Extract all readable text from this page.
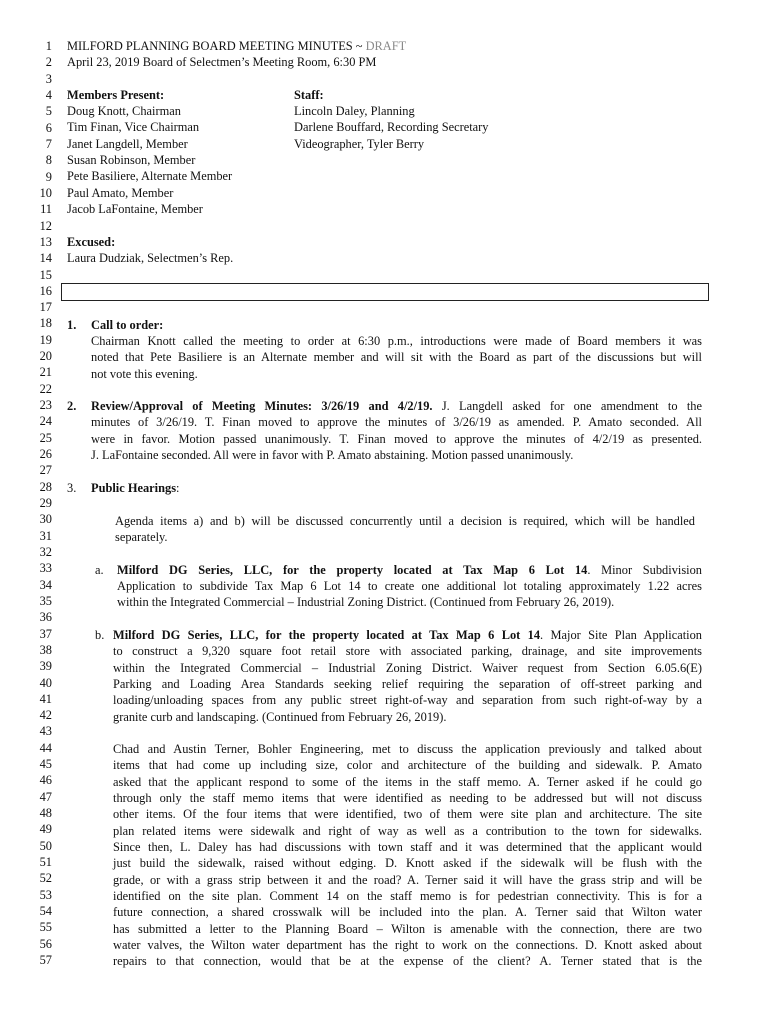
1
2
3
4
5
6
7
8
9
10
11
12
13
14
15
16
17
18
19
20
21
22
23
24
25
26
27
28
29
30
31
32
33
34
35
36
37
38
39
40
41
42
43
44
45
46
47
48
49
50
51
52
53
54
55
56
57
MILFORD PLANNING BOARD MEETING MINUTES ~ DRAFT
April 23, 2019 Board of Selectmen’s Meeting Room, 6:30 PM
Members Present:
Doug Knott, Chairman
Tim Finan, Vice Chairman
Janet Langdell, Member
Susan Robinson, Member
Pete Basiliere, Alternate Member
Paul Amato, Member
Jacob LaFontaine, Member
Staff:
Lincoln Daley, Planning
Darlene Bouffard, Recording Secretary
Videographer, Tyler Berry
Excused:
Laura Dudziak, Selectmen’s Rep.
1. Call to order:
Chairman Knott called the meeting to order at 6:30 p.m., introductions were made of Board members it was
noted that Pete Basiliere is an Alternate member and will sit with the Board as part of the discussions but will
not vote this evening.
2. Review/Approval of Meeting Minutes: 3/26/19 and 4/2/19. J. Langdell asked for one amendment to the
minutes of 3/26/19. T. Finan moved to approve the minutes of 3/26/19 as amended. P. Amato seconded. All
were in favor. Motion passed unanimously. T. Finan moved to approve the minutes of 4/2/19 as presented.
J. LaFontaine seconded. All were in favor with P. Amato abstaining. Motion passed unanimously.
3. Public Hearings:
Agenda items a) and b) will be discussed concurrently until a decision is required, which will be handled
separately.
a. Milford DG Series, LLC, for the property located at Tax Map 6 Lot 14. Minor Subdivision
Application to subdivide Tax Map 6 Lot 14 to create one additional lot totaling approximately 1.22 acres
within the Integrated Commercial – Industrial Zoning District. (Continued from February 26, 2019).
b. Milford DG Series, LLC, for the property located at Tax Map 6 Lot 14. Major Site Plan Application
to construct a 9,320 square foot retail store with associated parking, drainage, and site improvements
within the Integrated Commercial – Industrial Zoning District. Waiver request from Section 6.05.6(E)
Parking and Loading Area Standards seeking relief requiring the separation of off-street parking and
loading/unloading spaces from any public street right-of-way and separation from such right-of-way by a
granite curb and landscaping. (Continued from February 26, 2019).
Chad and Austin Terner, Bohler Engineering, met to discuss the application previously and talked about
items that had come up including size, color and architecture of the building and sidewalk. P. Amato
asked that the applicant respond to some of the items in the staff memo. A. Terner asked if he could go
through only the staff memo items that were identified as needing to be addressed but will not discuss
other items. Of the four items that were identified, two of them were site plan and architecture. The site
plan related items were sidewalk and right of way as well as a contribution to the town for sidewalks.
Since then, L. Daley has had discussions with town staff and it was determined that the applicant would
just build the sidewalk, raised without edging. D. Knott asked if the sidewalk will be flush with the
grade, or with a grass strip between it and the road? A. Terner said it will have the grass strip and will be
identified on the site plan. Comment 14 on the staff memo is for pedestrian connectivity. This is for a
future connection, a shared crosswalk will be included into the plan. A. Terner said that Wilton water
has submitted a letter to the Planning Board – Wilton is amenable with the connection, there are two
water valves, the Wilton water department has the right to work on the connections. D. Knott asked about
repairs to that connection, would that be at the expense of the client? A. Terner stated that is the
